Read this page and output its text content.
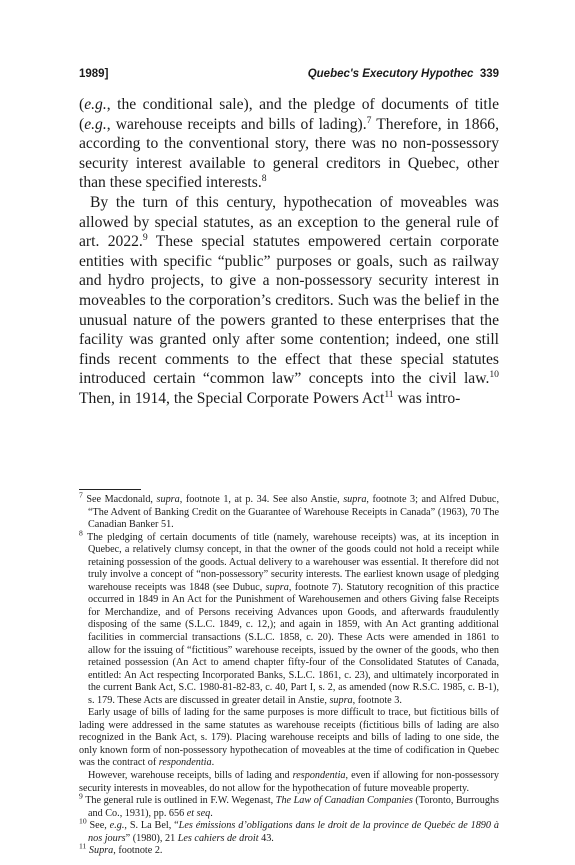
1989]	Quebec's Executory Hypothec 339

(e.g., the conditional sale), and the pledge of documents of title (e.g., warehouse receipts and bills of lading).$^7$ Therefore, in 1866, according to the conventional story, there was no non-possessory security interest available to general creditors in Quebec, other than these specified interests.$^8$

By the turn of this century, hypothecation of moveables was allowed by special statutes, as an exception to the general rule of art. 2022.$^9$ These special statutes empowered certain corporate entities with specific “public” purposes or goals, such as railway and hydro projects, to give a non-possessory security interest in moveables to the corporation’s creditors. Such was the belief in the unusual nature of the powers granted to these enterprises that the facility was granted only after some contention; indeed, one still finds recent comments to the effect that these special statutes introduced certain “common law” concepts into the civil law.$^{10}$ Then, in 1914, the Special Corporate Powers Act$^{11}$ was intro-

$^7$ See Macdonald, supra, footnote 1, at p. 34. See also Anstie, supra, footnote 3; and Alfred Dubuc, “The Advent of Banking Credit on the Guarantee of Warehouse Receipts in Canada” (1963), 70 The Canadian Banker 51.

$^8$ The pledging of certain documents of title (namely, warehouse receipts) was, at its inception in Quebec, a relatively clumsy concept, in that the owner of the goods could not hold a receipt while retaining possession of the goods. Actual delivery to a warehouser was essential. It therefore did not truly involve a concept of “non-possessory” security interests. The earliest known usage of pledging warehouse receipts was 1848 (see Dubuc, supra, footnote 7). Statutory recognition of this practice occurred in 1849 in An Act for the Punishment of Warehousemen and others Giving false Receipts for Merchandize, and of Persons receiving Advances upon Goods, and afterwards fraudulently disposing of the same (S.L.C. 1849, c. 12,); and again in 1859, with An Act granting additional facilities in commercial transactions (S.L.C. 1858, c. 20). These Acts were amended in 1861 to allow for the issuing of “fictitious” warehouse receipts, issued by the owner of the goods, who then retained possession (An Act to amend chapter fifty-four of the Consolidated Statutes of Canada, entitled: An Act respecting Incorporated Banks, S.L.C. 1861, c. 23), and ultimately incorporated in the current Bank Act, S.C. 1980-81-82-83, c. 40, Part I, s. 2, as amended (now R.S.C. 1985, c. B-1), s. 179. These Acts are discussed in greater detail in Anstie, supra, footnote 3.

Early usage of bills of lading for the same purposes is more difficult to trace, but fictitious bills of lading were addressed in the same statutes as warehouse receipts (fictitious bills of lading are also recognized in the Bank Act, s. 179). Placing warehouse receipts and bills of lading to one side, the only known form of non-possessory hypothecation of moveables at the time of codification in Quebec was the contract of respondentia.

However, warehouse receipts, bills of lading and respondentia, even if allowing for non-possessory security interests in moveables, do not allow for the hypothecation of future moveable property.

$^9$ The general rule is outlined in F.W. Wegenast, The Law of Canadian Companies (Toronto, Burroughs and Co., 1931), pp. 656 et seq.

$^{10}$ See, e.g., S. La Bel, “Les émissions d’obligations dans le droit de la province de Quebéc de 1890 à nos jours” (1980), 21 Les cahiers de droit 43.

$^{11}$ Supra, footnote 2.
